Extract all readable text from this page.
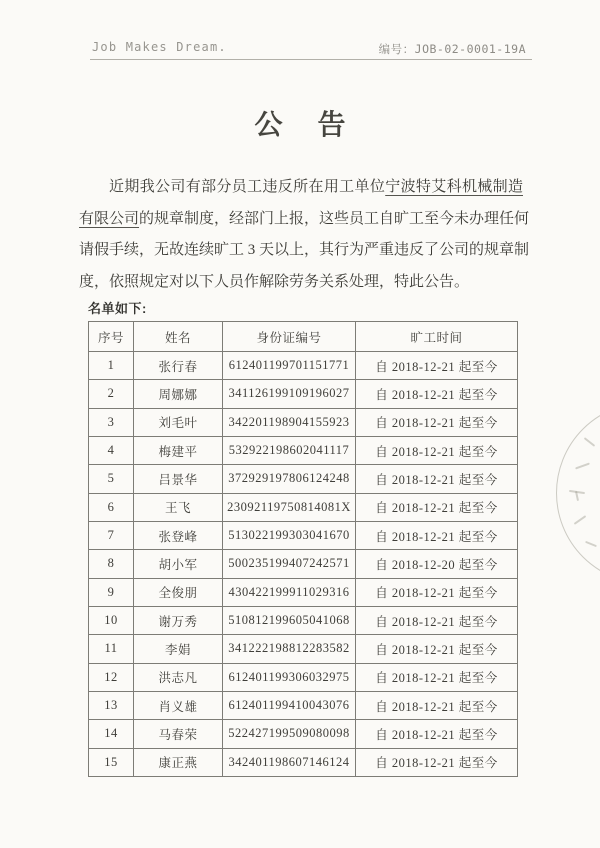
Job Makes Dream.	编号：JOB-02-0001-19A
公 告
近期我公司有部分员工违反所在用工单位宁波特艾科机械制造
有限公司的规章制度，经部门上报，这些员工自旷工至今未办理任何
请假手续，无故连续旷工 3 天以上，其行为严重违反了公司的规章制
度，依照规定对以下人员作解除劳务关系处理，特此公告。
名单如下:
序号	姓名	身份证编号	旷工时间
1	张行春	612401199701151771	自 2018-12-21 起至今
2	周娜娜	341126199109196027	自 2018-12-21 起至今
3	刘毛叶	342201198904155923	自 2018-12-21 起至今
4	梅建平	532922198602041117	自 2018-12-21 起至今
5	吕景华	372929197806124248	自 2018-12-21 起至今
6	王飞	23092119750814081X	自 2018-12-21 起至今
7	张登峰	513022199303041670	自 2018-12-21 起至今
8	胡小军	500235199407242571	自 2018-12-20 起至今
9	全俊朋	430422199911029316	自 2018-12-21 起至今
10	谢万秀	510812199605041068	自 2018-12-21 起至今
11	李娟	341222198812283582	自 2018-12-21 起至今
12	洪志凡	612401199306032975	自 2018-12-21 起至今
13	肖义雄	612401199410043076	自 2018-12-21 起至今
14	马春荣	522427199509080098	自 2018-12-21 起至今
15	康正燕	342401198607146124	自 2018-12-21 起至今
